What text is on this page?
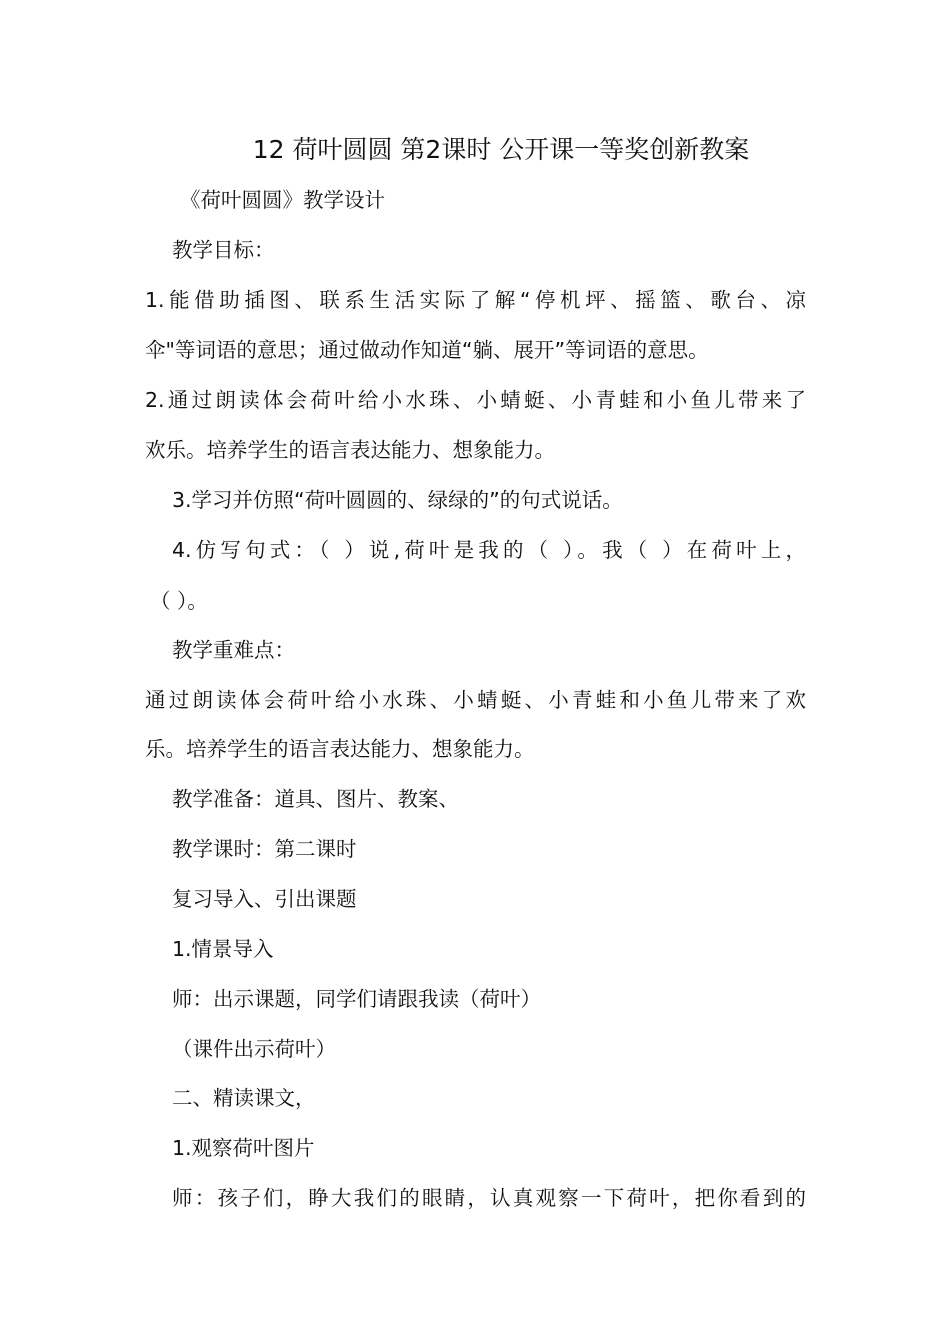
12 荷叶圆圆 第2课时 公开课一等奖创新教案
《荷叶圆圆》教学设计
教学目标：
1.能借助插图、联系生活实际了解“停机坪、摇篮、歌台、凉
伞"等词语的意思；通过做动作知道“躺、展开”等词语的意思。
2.通过朗读体会荷叶给小水珠、小蜻蜓、小青蛙和小鱼儿带来了
欢乐。培养学生的语言表达能力、想象能力。
3.学习并仿照“荷叶圆圆的、绿绿的”的句式说话。
4.仿写句式：（ ）说,荷叶是我的（ ）。我（ ）在荷叶上，
（ ）。
教学重难点：
通过朗读体会荷叶给小水珠、小蜻蜓、小青蛙和小鱼儿带来了欢
乐。培养学生的语言表达能力、想象能力。
教学准备：道具、图片、教案、
教学课时：第二课时
复习导入、引出课题
1.情景导入
师：出示课题，同学们请跟我读（荷叶）
（课件出示荷叶）
二、精读课文，
1.观察荷叶图片
师：孩子们，睁大我们的眼睛，认真观察一下荷叶，把你看到的
